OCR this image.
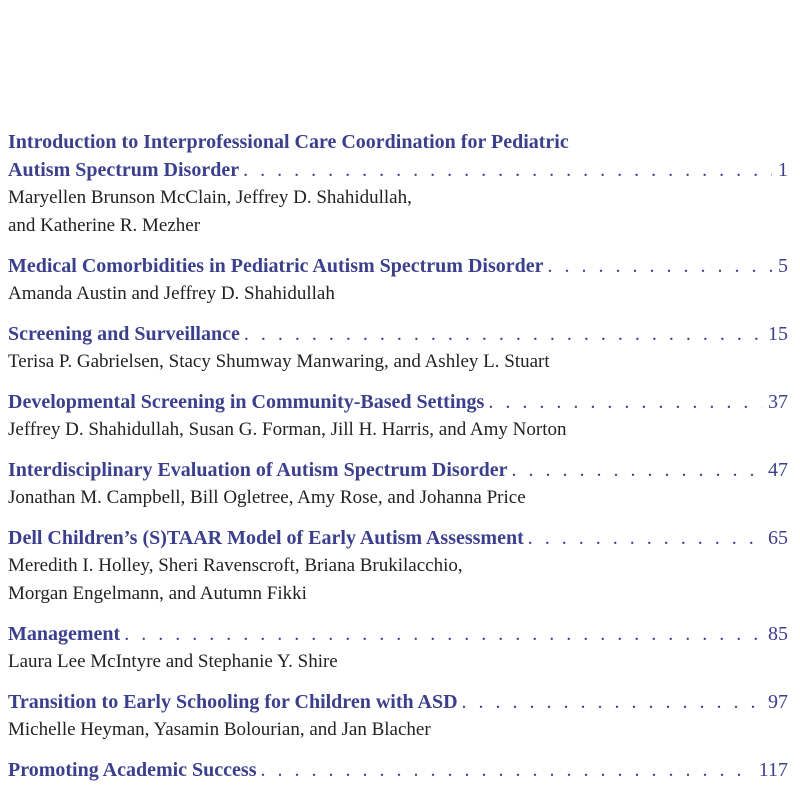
Introduction to Interprofessional Care Coordination for Pediatric
Autism Spectrum Disorder . . .	1
Maryellen Brunson McClain, Jeffrey D. Shahidullah,
and Katherine R. Mezher
Medical Comorbidities in Pediatric Autism Spectrum Disorder . . .	5
Amanda Austin and Jeffrey D. Shahidullah
Screening and Surveillance . . .	15
Terisa P. Gabrielsen, Stacy Shumway Manwaring, and Ashley L. Stuart
Developmental Screening in Community-Based Settings . . .	37
Jeffrey D. Shahidullah, Susan G. Forman, Jill H. Harris, and Amy Norton
Interdisciplinary Evaluation of Autism Spectrum Disorder . . .	47
Jonathan M. Campbell, Bill Ogletree, Amy Rose, and Johanna Price
Dell Children’s (S)TAAR Model of Early Autism Assessment . . .	65
Meredith I. Holley, Sheri Ravenscroft, Briana Brukilacchio,
Morgan Engelmann, and Autumn Fikki
Management . . .	85
Laura Lee McIntyre and Stephanie Y. Shire
Transition to Early Schooling for Children with ASD . . .	97
Michelle Heyman, Yasamin Bolourian, and Jan Blacher
Promoting Academic Success . . .	117
